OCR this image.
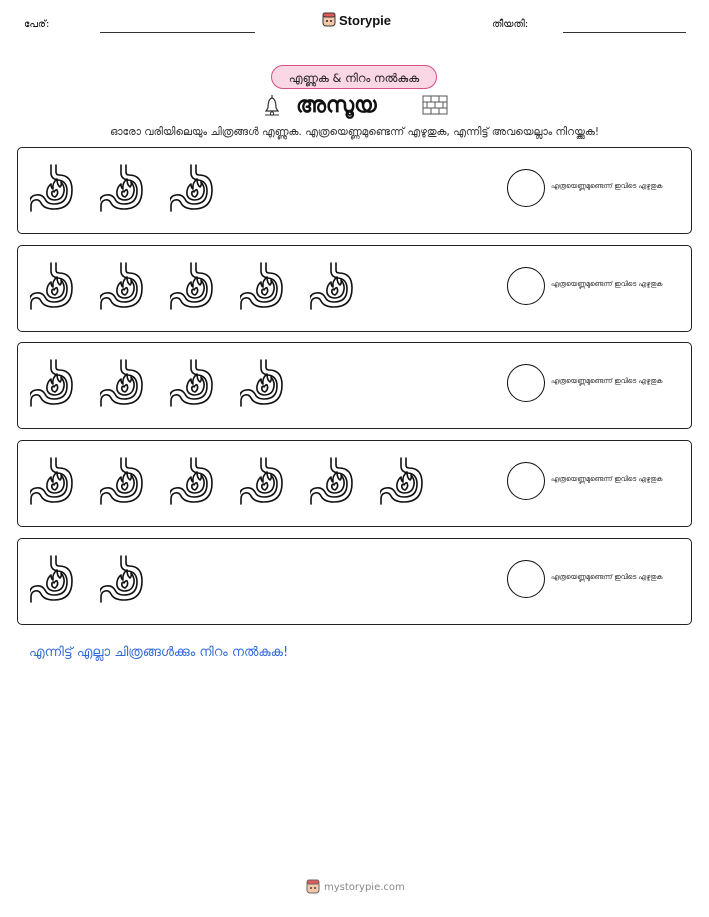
പേര്:	Storypie	തീയതി:
എണ്ണുക & നിറം നൽകുക
അസൂയ
ഓരോ വരിയിലെയും ചിത്രങ്ങൾ എണ്ണുക. എത്രയെണ്ണമുണ്ടെന്ന് എഴുതുക, എന്നിട്ട് അവയെല്ലാം നിറയ്ക്കുക!
എത്രയെണ്ണമുണ്ടെന്ന് ഇവിടെ എഴുതുക
എത്രയെണ്ണമുണ്ടെന്ന് ഇവിടെ എഴുതുക
എത്രയെണ്ണമുണ്ടെന്ന് ഇവിടെ എഴുതുക
എത്രയെണ്ണമുണ്ടെന്ന് ഇവിടെ എഴുതുക
എത്രയെണ്ണമുണ്ടെന്ന് ഇവിടെ എഴുതുക
എന്നിട്ട് എല്ലാ ചിത്രങ്ങൾക്കും നിറം നൽകുക!
mystorypie.com
